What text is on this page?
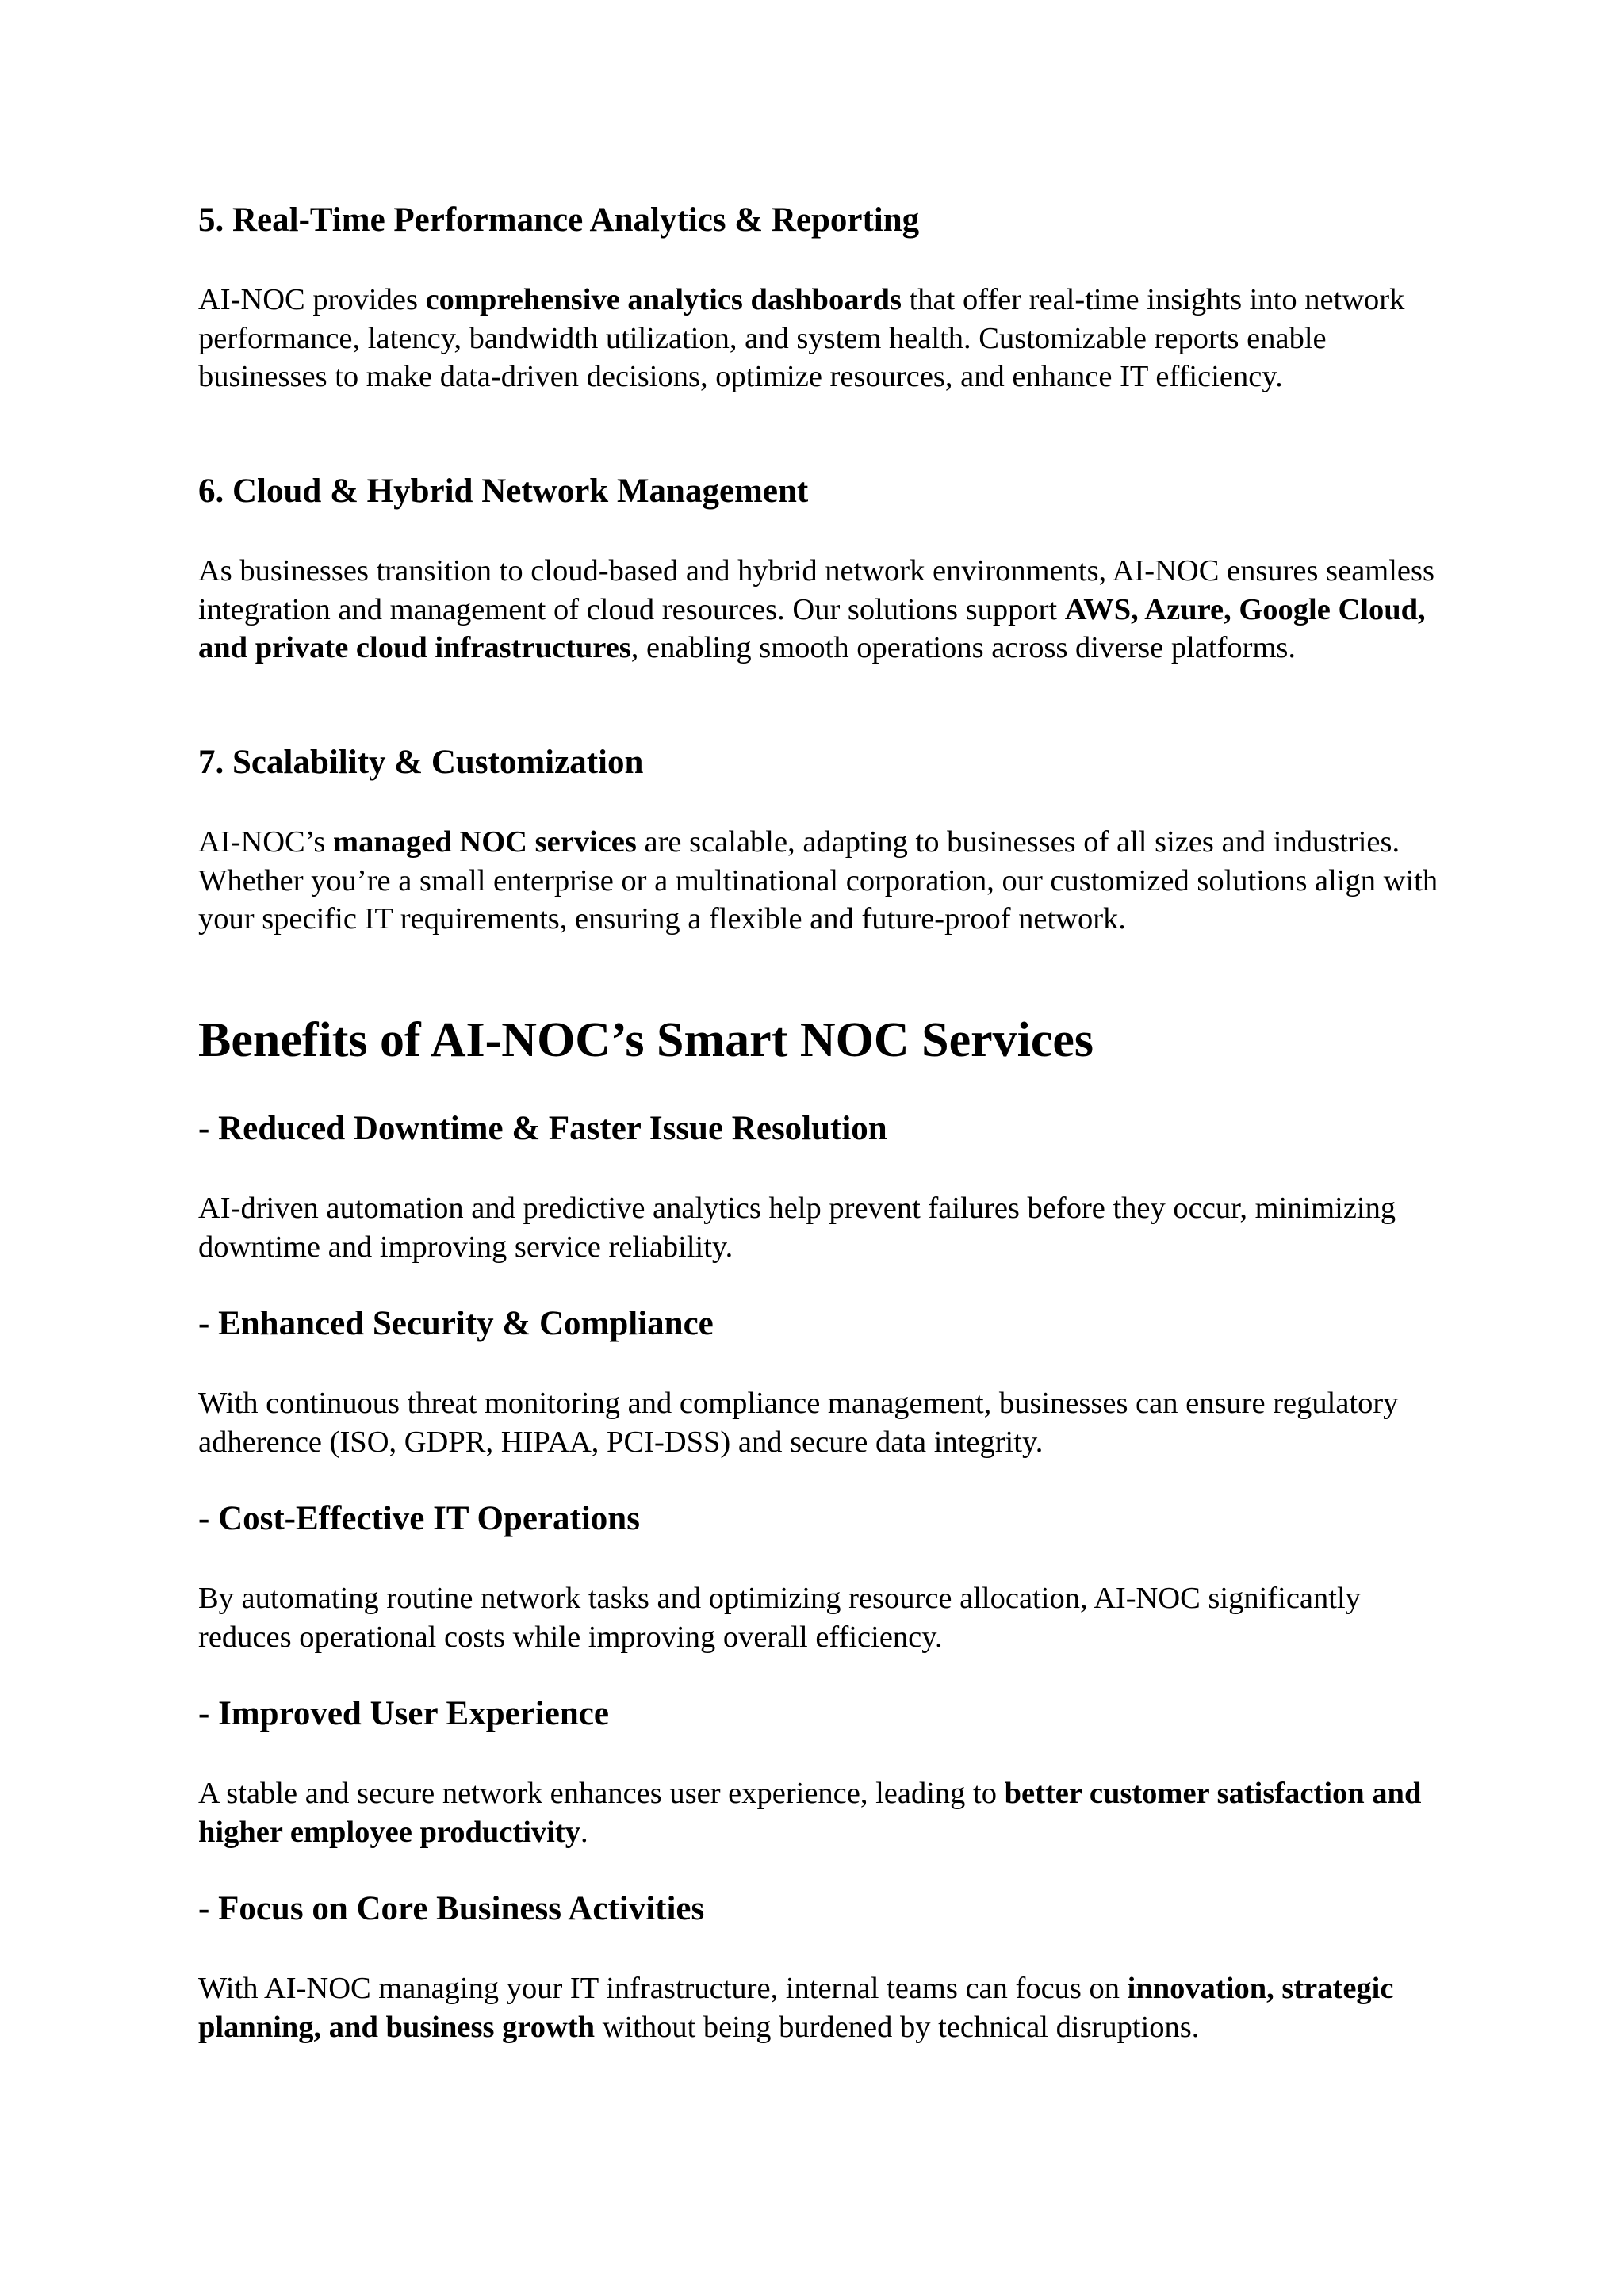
5. Real-Time Performance Analytics & Reporting

AI-NOC provides comprehensive analytics dashboards that offer real-time insights into network performance, latency, bandwidth utilization, and system health. Customizable reports enable businesses to make data-driven decisions, optimize resources, and enhance IT efficiency.

6. Cloud & Hybrid Network Management

As businesses transition to cloud-based and hybrid network environments, AI-NOC ensures seamless integration and management of cloud resources. Our solutions support AWS, Azure, Google Cloud, and private cloud infrastructures, enabling smooth operations across diverse platforms.

7. Scalability & Customization

AI-NOC’s managed NOC services are scalable, adapting to businesses of all sizes and industries. Whether you’re a small enterprise or a multinational corporation, our customized solutions align with your specific IT requirements, ensuring a flexible and future-proof network.

Benefits of AI-NOC’s Smart NOC Services
- Reduced Downtime & Faster Issue Resolution

AI-driven automation and predictive analytics help prevent failures before they occur, minimizing downtime and improving service reliability.

- Enhanced Security & Compliance

With continuous threat monitoring and compliance management, businesses can ensure regulatory adherence (ISO, GDPR, HIPAA, PCI-DSS) and secure data integrity.

- Cost-Effective IT Operations

By automating routine network tasks and optimizing resource allocation, AI-NOC significantly reduces operational costs while improving overall efficiency.

- Improved User Experience

A stable and secure network enhances user experience, leading to better customer satisfaction and higher employee productivity.

- Focus on Core Business Activities

With AI-NOC managing your IT infrastructure, internal teams can focus on innovation, strategic planning, and business growth without being burdened by technical disruptions.
